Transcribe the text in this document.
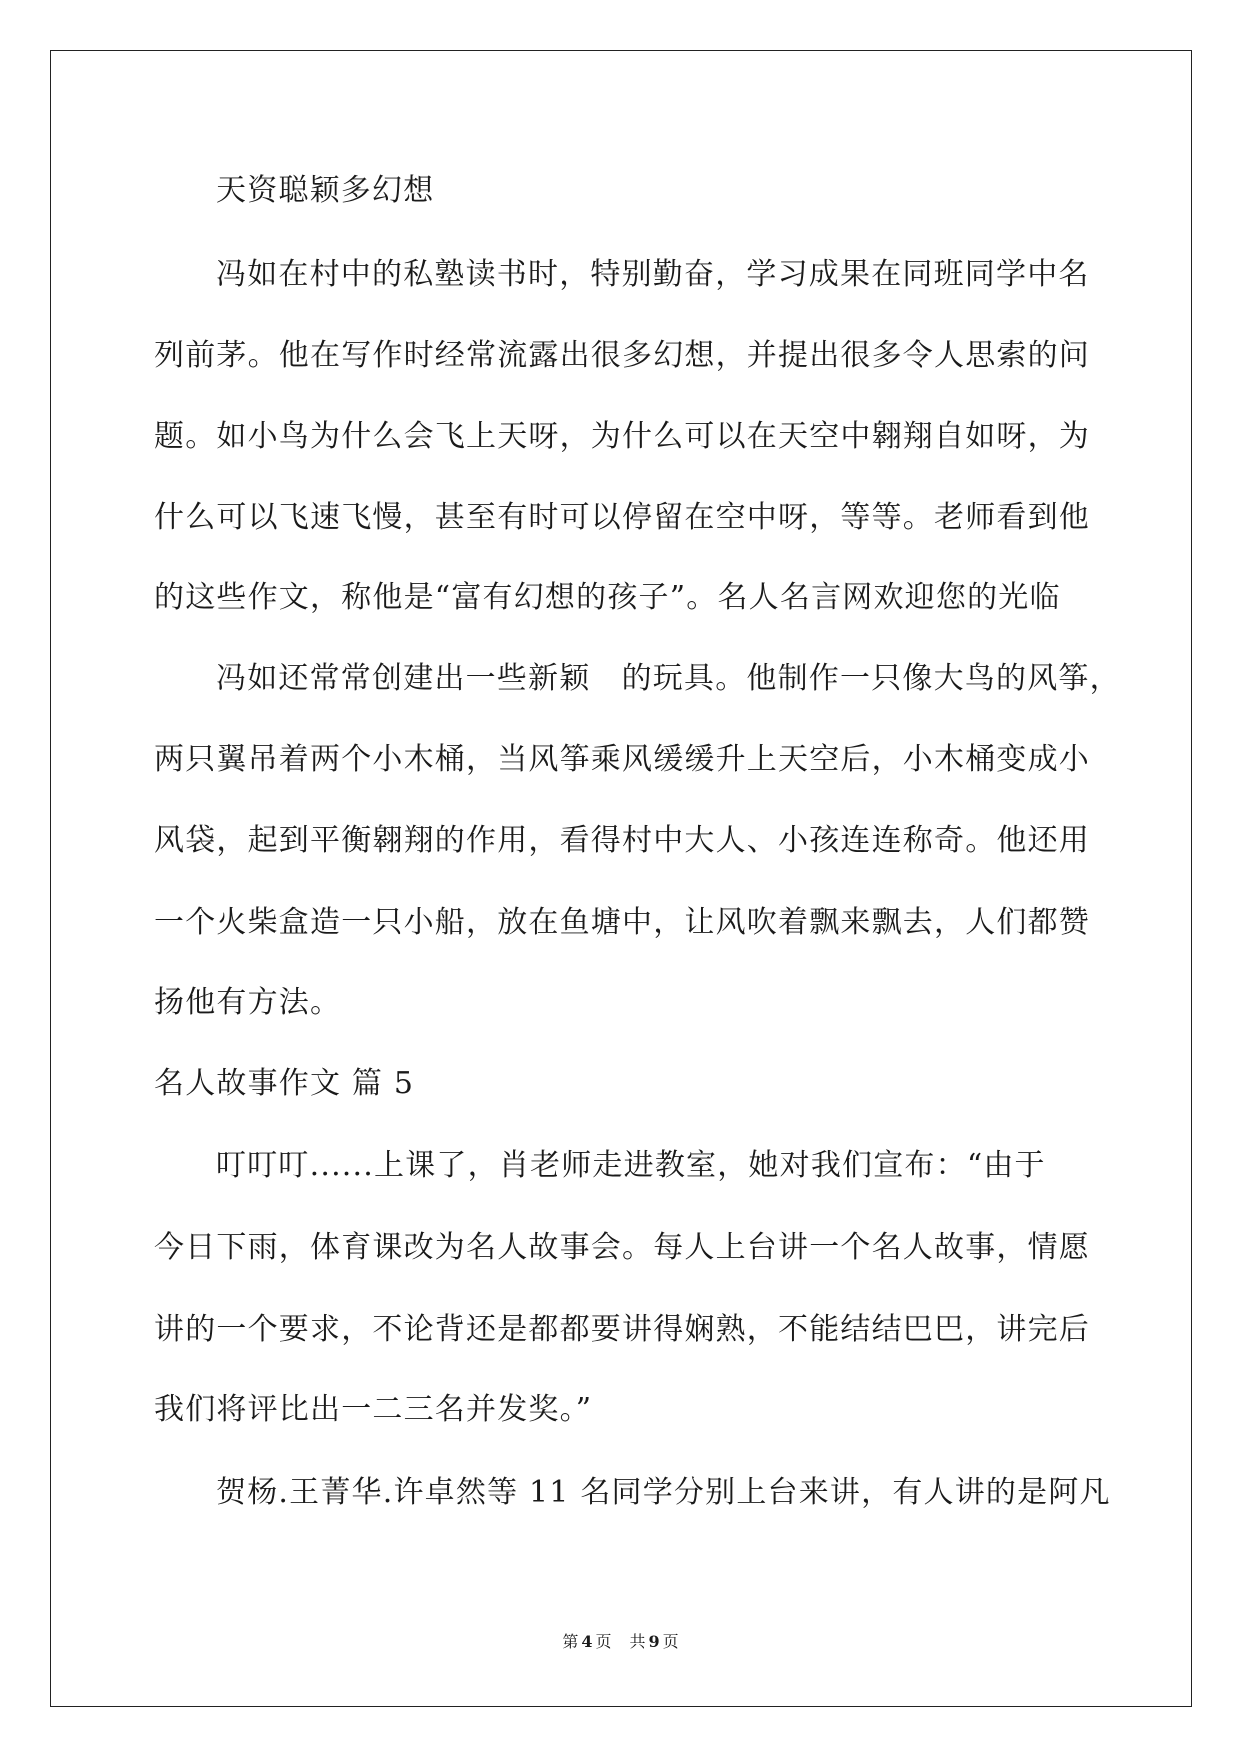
天资聪颖多幻想
冯如在村中的私塾读书时，特别勤奋，学习成果在同班同学中名
列前茅。他在写作时经常流露出很多幻想，并提出很多令人思索的问
题。如小鸟为什么会飞上天呀，为什么可以在天空中翱翔自如呀，为
什么可以飞速飞慢，甚至有时可以停留在空中呀，等等。老师看到他
的这些作文，称他是“富有幻想的孩子”。名人名言网欢迎您的光临
冯如还常常创建出一些新颖　的玩具。他制作一只像大鸟的风筝，
两只翼吊着两个小木桶，当风筝乘风缓缓升上天空后，小木桶变成小
风袋，起到平衡翱翔的作用，看得村中大人、小孩连连称奇。他还用
一个火柴盒造一只小船，放在鱼塘中，让风吹着飘来飘去，人们都赞
扬他有方法。
名人故事作文 篇 5
叮叮叮......上课了，肖老师走进教室，她对我们宣布：“由于
今日下雨，体育课改为名人故事会。每人上台讲一个名人故事，情愿
讲的一个要求，不论背还是都都要讲得娴熟，不能结结巴巴，讲完后
我们将评比出一二三名并发奖。”
贺杨.王菁华.许卓然等 11 名同学分别上台来讲，有人讲的是阿凡
第 4 页 共 9 页
